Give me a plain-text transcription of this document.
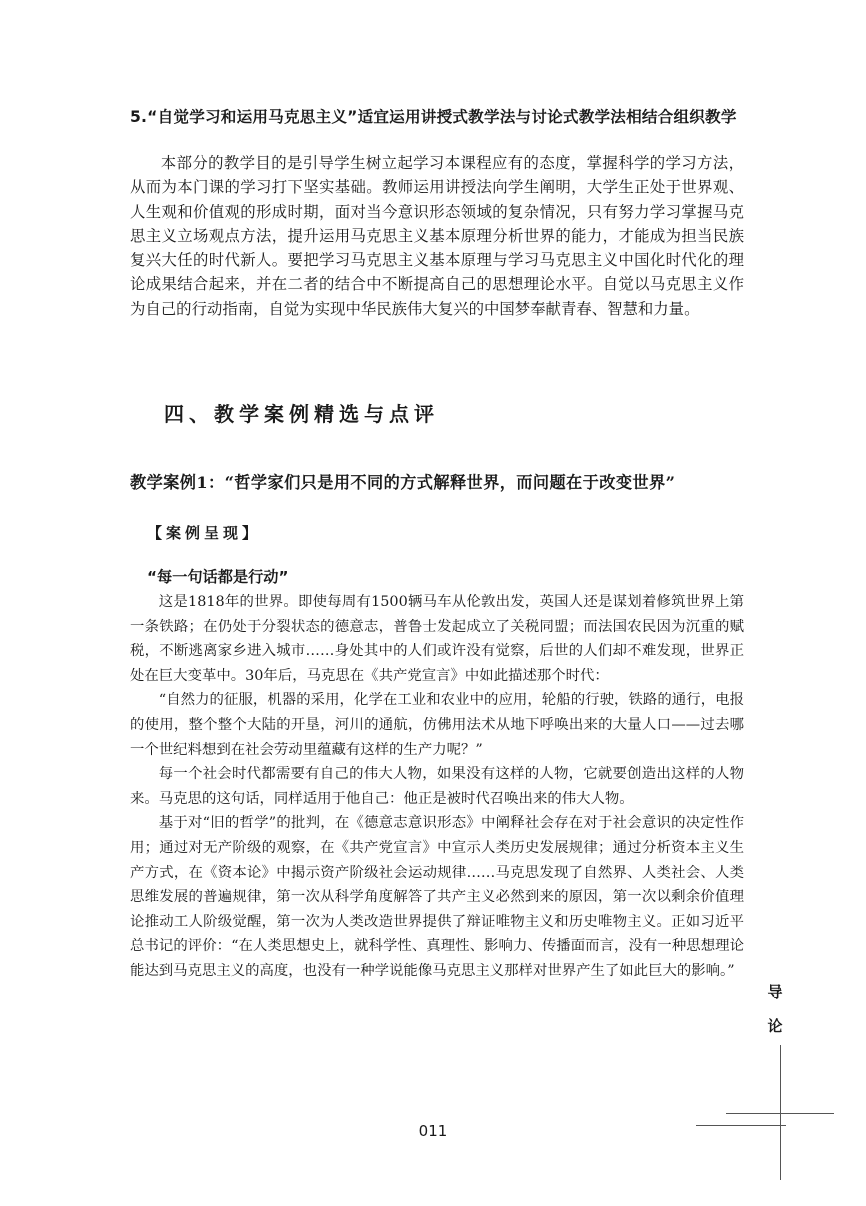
5.“自觉学习和运用马克思主义”适宜运用讲授式教学法与讨论式教学法相结合组织教学
本部分的教学目的是引导学生树立起学习本课程应有的态度，掌握科学的学习方法，从而为本门课的学习打下坚实基础。教师运用讲授法向学生阐明，大学生正处于世界观、人生观和价值观的形成时期，面对当今意识形态领域的复杂情况，只有努力学习掌握马克思主义立场观点方法，提升运用马克思主义基本原理分析世界的能力，才能成为担当民族复兴大任的时代新人。要把学习马克思主义基本原理与学习马克思主义中国化时代化的理论成果结合起来，并在二者的结合中不断提高自己的思想理论水平。自觉以马克思主义作为自己的行动指南，自觉为实现中华民族伟大复兴的中国梦奉献青春、智慧和力量。
四、教学案例精选与点评
教学案例1：“哲学家们只是用不同的方式解释世界，而问题在于改变世界”
【案例呈现】
“每一句话都是行动”

这是1818年的世界。即使每周有1500辆马车从伦敦出发，英国人还是谋划着修筑世界上第一条铁路；在仍处于分裂状态的德意志，普鲁士发起成立了关税同盟；而法国农民因为沉重的赋税，不断逃离家乡进入城市……身处其中的人们或许没有觉察，后世的人们却不难发现，世界正处在巨大变革中。30年后，马克思在《共产党宣言》中如此描述那个时代：

“自然力的征服，机器的采用，化学在工业和农业中的应用，轮船的行驶，铁路的通行，电报的使用，整个整个大陆的开垦，河川的通航，仿佛用法术从地下呼唤出来的大量人口——过去哪一个世纪料想到在社会劳动里蕴藏有这样的生产力呢？”

每一个社会时代都需要有自己的伟大人物，如果没有这样的人物，它就要创造出这样的人物来。马克思的这句话，同样适用于他自己：他正是被时代召唤出来的伟大人物。

基于对“旧的哲学”的批判，在《德意志意识形态》中阐释社会存在对于社会意识的决定性作用；通过对无产阶级的观察，在《共产党宣言》中宣示人类历史发展规律；通过分析资本主义生产方式，在《资本论》中揭示资产阶级社会运动规律……马克思发现了自然界、人类社会、人类思维发展的普遍规律，第一次从科学角度解答了共产主义必然到来的原因，第一次以剩余价值理论推动工人阶级觉醒，第一次为人类改造世界提供了辩证唯物主义和历史唯物主义。正如习近平总书记的评价：“在人类思想史上，就科学性、真理性、影响力、传播面而言，没有一种思想理论能达到马克思主义的高度，也没有一种学说能像马克思主义那样对世界产生了如此巨大的影响。”

导
论
011
